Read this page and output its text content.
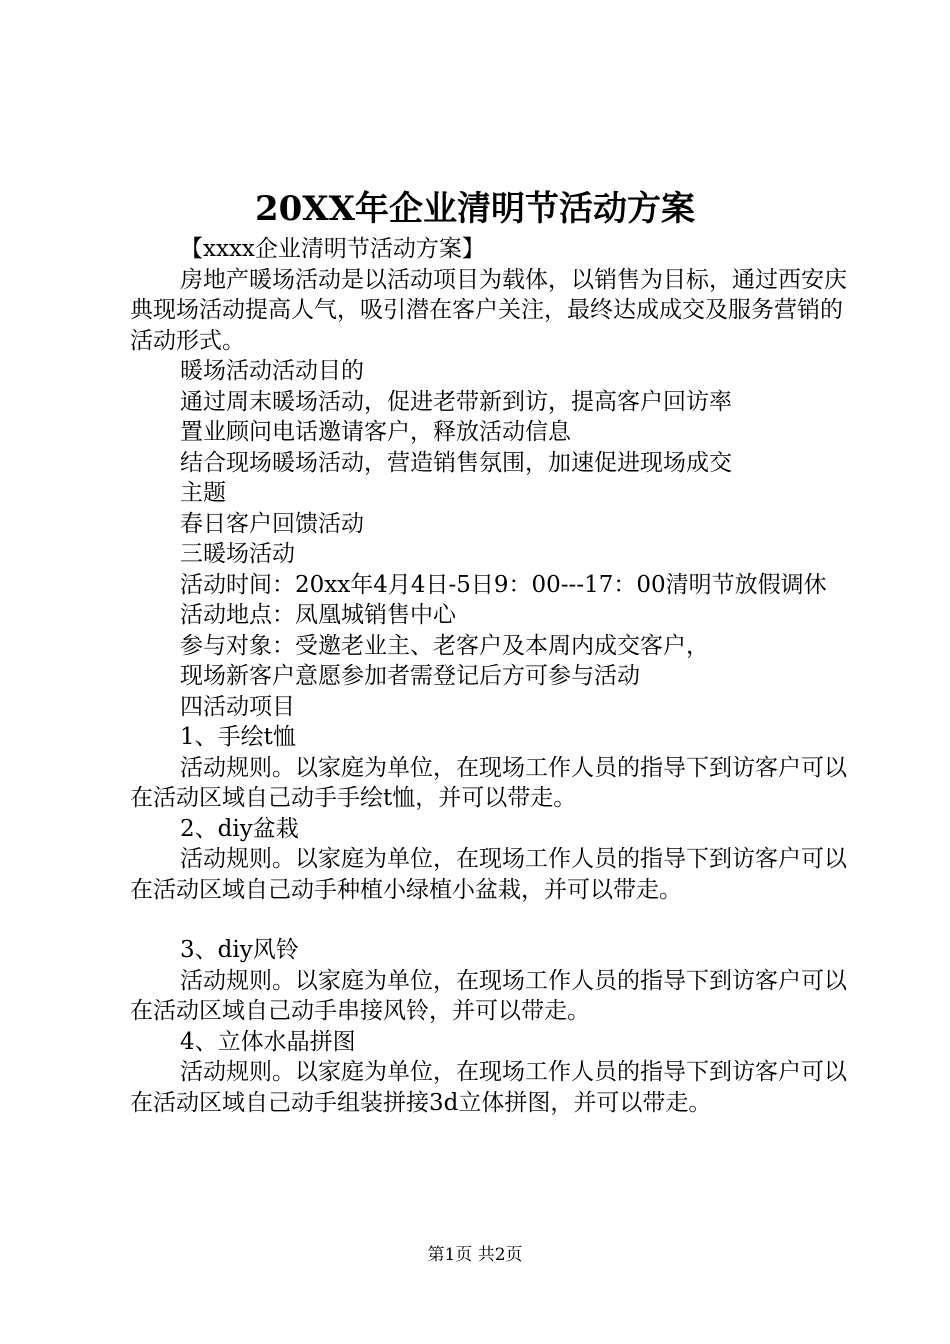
20XX年企业清明节活动方案

【xxxx企业清明节活动方案】

房地产暖场活动是以活动项目为载体，以销售为目标，通过西安庆典现场活动提高人气，吸引潜在客户关注，最终达成成交及服务营销的活动形式。

暖场活动活动目的

通过周末暖场活动，促进老带新到访，提高客户回访率

置业顾问电话邀请客户，释放活动信息

结合现场暖场活动，营造销售氛围，加速促进现场成交

主题

春日客户回馈活动

三暖场活动

活动时间：20xx年4月4日-5日9：00---17：00清明节放假调休

活动地点：凤凰城销售中心

参与对象：受邀老业主、老客户及本周内成交客户，

现场新客户意愿参加者需登记后方可参与活动

四活动项目

1、手绘t恤

活动规则。以家庭为单位，在现场工作人员的指导下到访客户可以在活动区域自己动手手绘t恤，并可以带走。

2、diy盆栽

活动规则。以家庭为单位，在现场工作人员的指导下到访客户可以在活动区域自己动手种植小绿植小盆栽，并可以带走。

3、diy风铃

活动规则。以家庭为单位，在现场工作人员的指导下到访客户可以在活动区域自己动手串接风铃，并可以带走。

4、立体水晶拼图

活动规则。以家庭为单位，在现场工作人员的指导下到访客户可以在活动区域自己动手组装拼接3d立体拼图，并可以带走。

第1页 共2页
